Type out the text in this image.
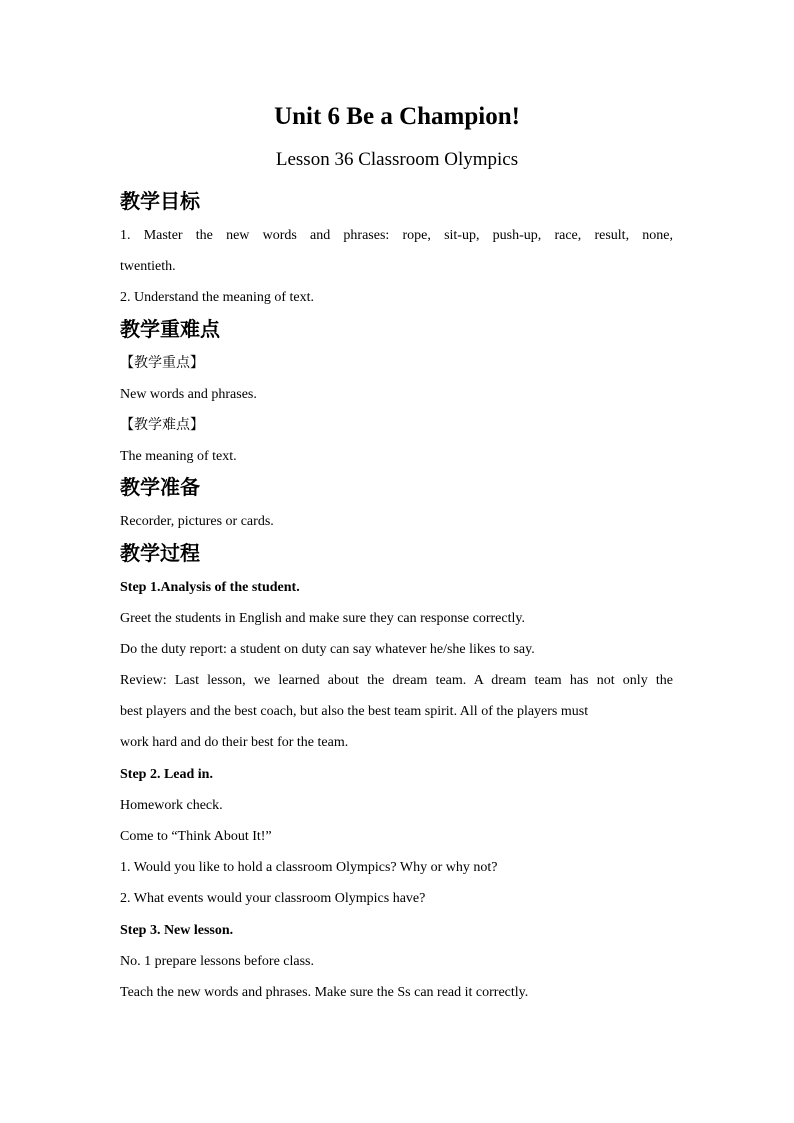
Unit 6 Be a Champion!
Lesson 36 Classroom Olympics
教学目标
1. Master the new words and phrases: rope, sit-up, push-up, race, result, none,
twentieth.
2. Understand the meaning of text.
教学重难点
【教学重点】
New words and phrases.
【教学难点】
The meaning of text.
教学准备
Recorder, pictures or cards.
教学过程
Step 1.Analysis of the student.
Greet the students in English and make sure they can response correctly.
Do the duty report: a student on duty can say whatever he/she likes to say.
Review: Last lesson, we learned about the dream team. A dream team has not only the
best players and the best coach, but also the best team spirit. All of the players must
work hard and do their best for the team.
Step 2. Lead in.
Homework check.
Come to “Think About It!”
1. Would you like to hold a classroom Olympics? Why or why not?
2. What events would your classroom Olympics have?
Step 3. New lesson.
No. 1 prepare lessons before class.
Teach the new words and phrases. Make sure the Ss can read it correctly.
